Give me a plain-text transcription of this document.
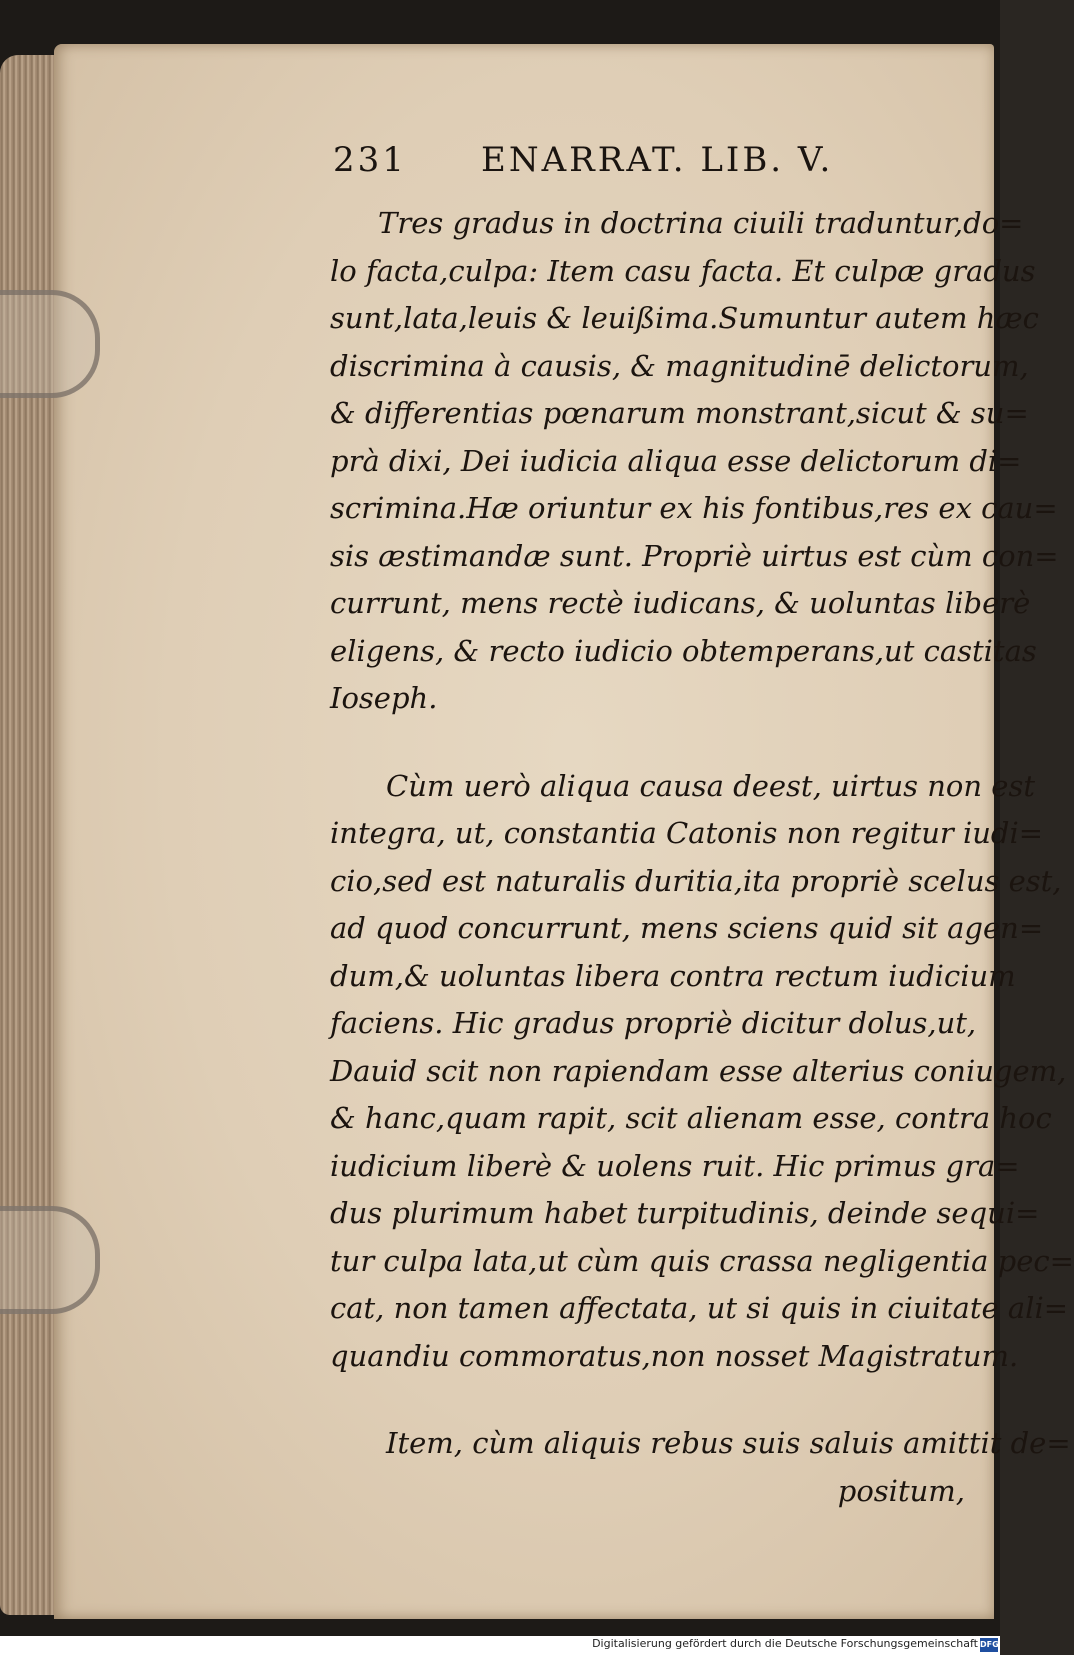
231 ENARRAT. LIB. V.
Tres gradus in doctrina ciuili traduntur,do=
lo facta,culpa: Item casu facta. Et culpæ gradus
sunt,lata,leuis & leuißima.Sumuntur autem hæc
discrimina à causis, & magnitudinē delictorum,
& differentias pœnarum monstrant,sicut & su=
prà dixi, Dei iudicia aliqua esse delictorum di=
scrimina.Hæ oriuntur ex his fontibus,res ex cau=
sis æstimandæ sunt. Propriè uirtus est cùm con=
currunt, mens rectè iudicans, & uoluntas liberè
eligens, & recto iudicio obtemperans,ut castitas
Ioseph.
Cùm uerò aliqua causa deest, uirtus non est
integra, ut, constantia Catonis non regitur iudi=
cio,sed est naturalis duritia,ita propriè scelus est,
ad quod concurrunt, mens sciens quid sit agen=
dum,& uoluntas libera contra rectum iudicium
faciens. Hic gradus propriè dicitur dolus,ut,
Dauid scit non rapiendam esse alterius coniugem,
& hanc,quam rapit, scit alienam esse, contra hoc
iudicium liberè & uolens ruit. Hic primus gra=
dus plurimum habet turpitudinis, deinde sequi=
tur culpa lata,ut cùm quis crassa negligentia pec=
cat, non tamen affectata, ut si quis in ciuitate ali=
quandiu commoratus,non nosset Magistratum.
Item, cùm aliquis rebus suis saluis amittit de=
positum,
Digitalisierung gefördert durch die Deutsche Forschungsgemeinschaft DFG
